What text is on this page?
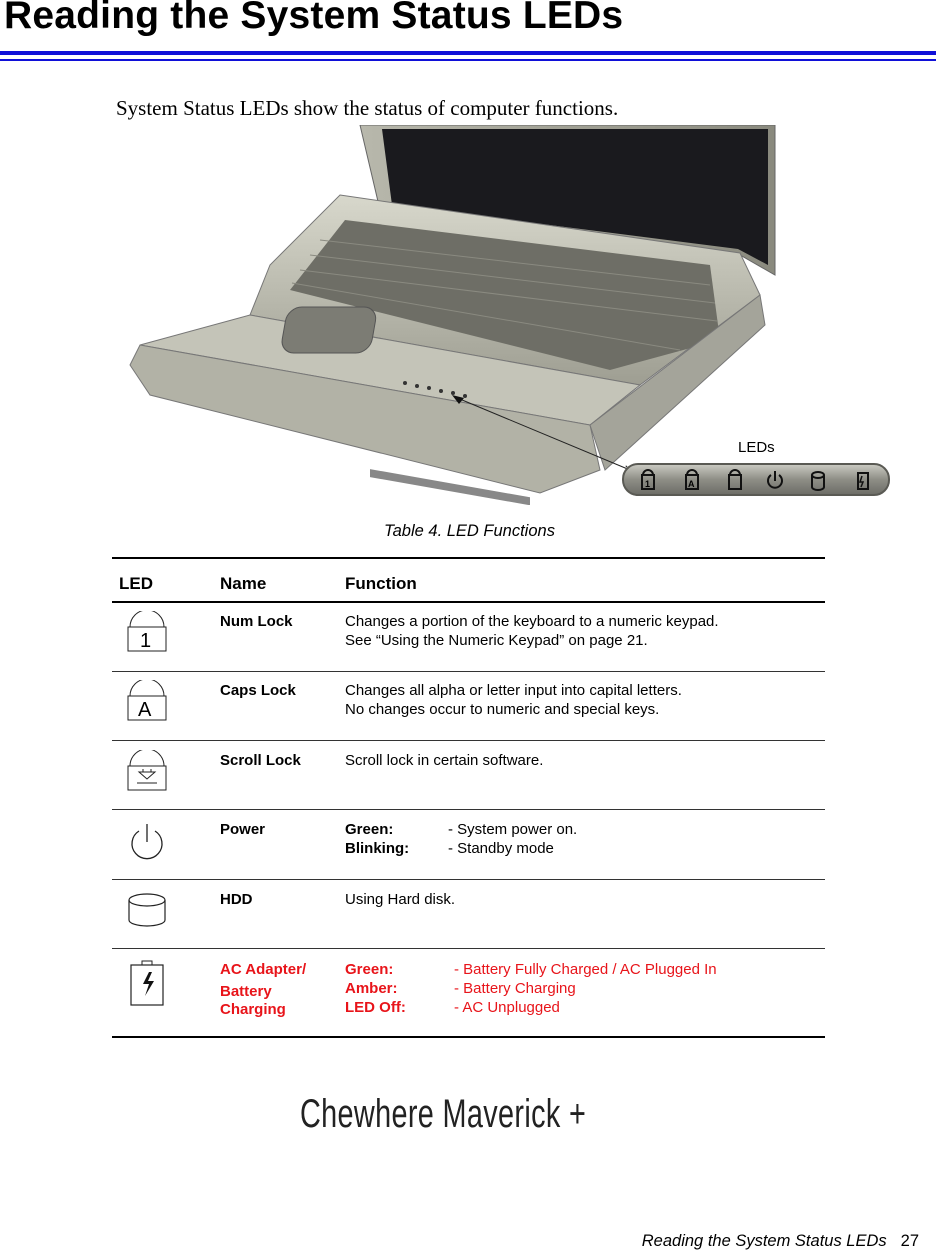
Reading the System Status LEDs
System Status LEDs show the status of computer functions.
LEDs
1	A
Table 4. LED Functions
LED	Name	Function
1
Num Lock	Changes a portion of the keyboard to a numeric keypad.
See “Using the Numeric Keypad” on page 21.
A
Caps Lock	Changes all alpha or letter input into capital letters.
No changes occur to numeric and special keys.
Scroll Lock	Scroll lock in certain software.
Power	Green:	- System power on.
Blinking:	- Standby mode
HDD	Using Hard disk.
AC Adapter/
Battery
Charging
Green:	- Battery Fully Charged / AC Plugged In
Amber:	- Battery Charging
LED Off:	- AC Unplugged
Chewhere Maverick +
Reading the System Status LEDs 27
